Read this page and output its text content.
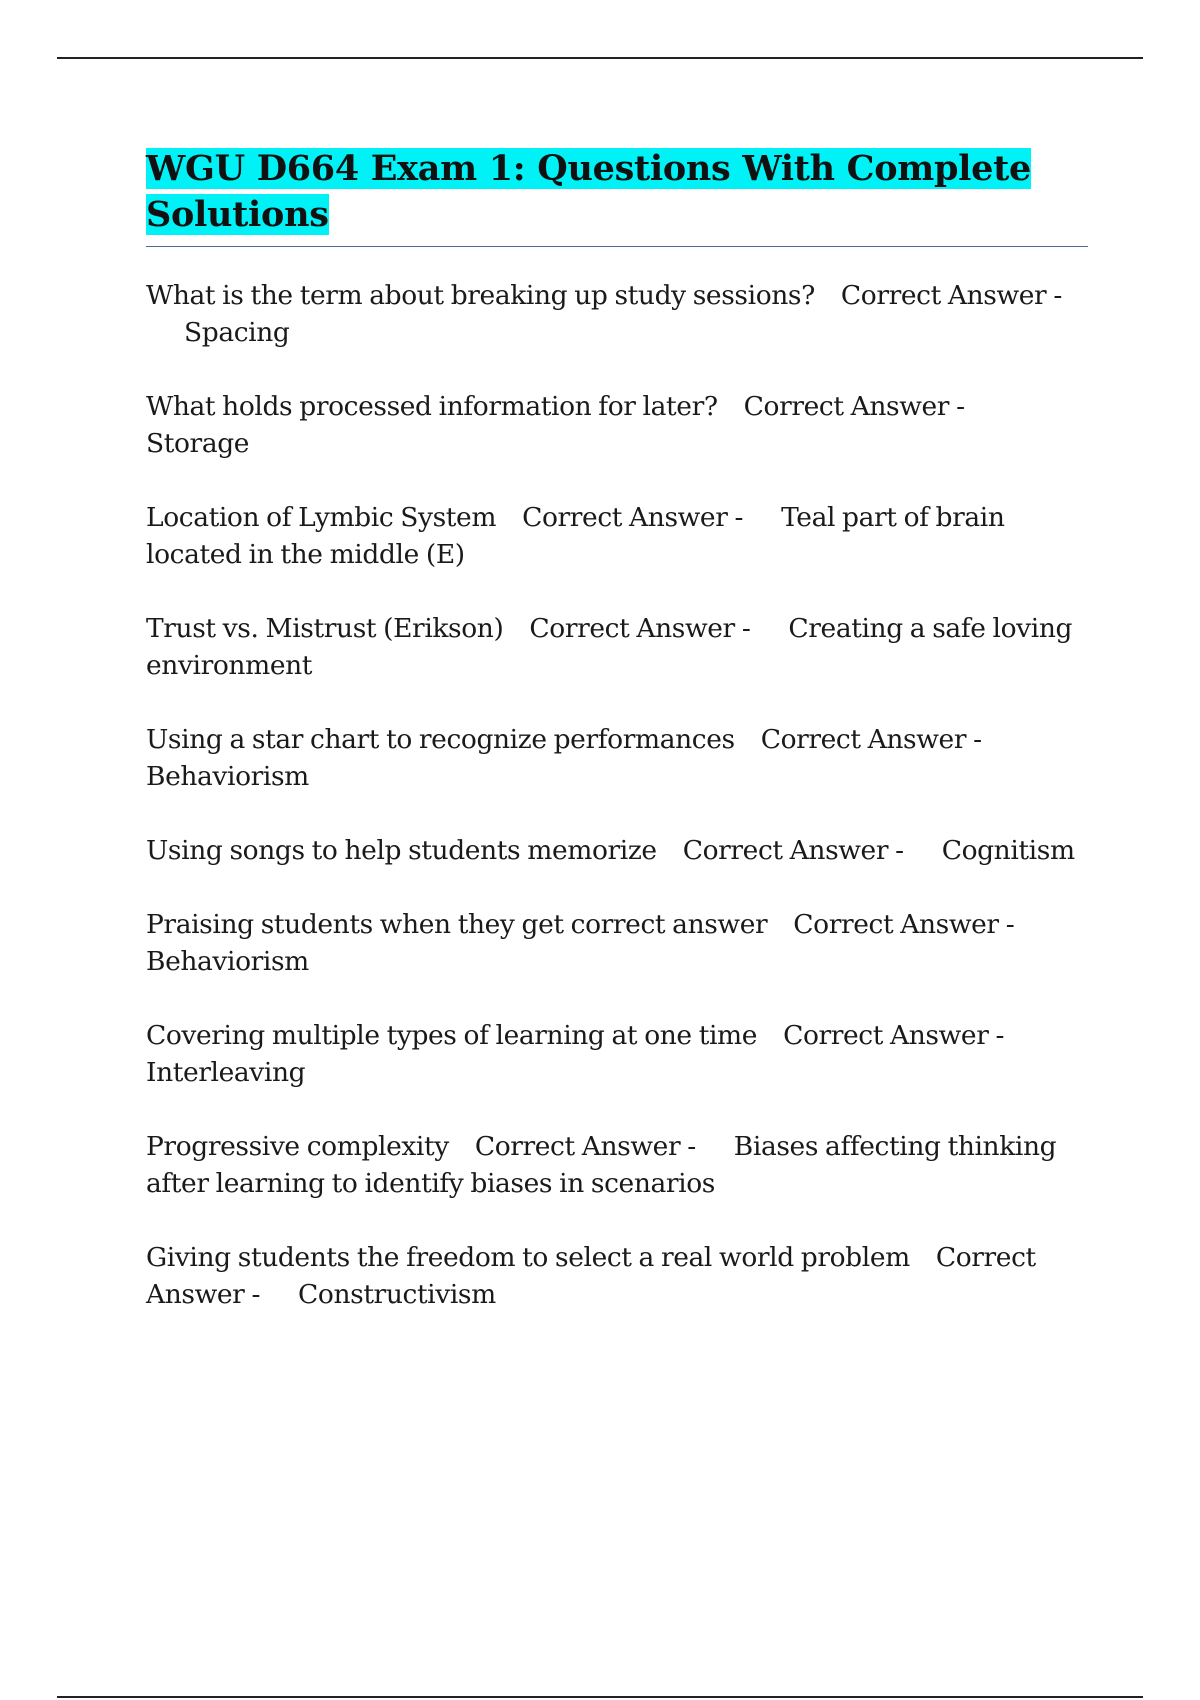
WGU D664 Exam 1: Questions With Complete Solutions

What is the term about breaking up study sessions? Correct Answer -Spacing

What holds processed information for later? Correct Answer -Storage

Location of Lymbic System Correct Answer - Teal part of brain located in the middle (E)

Trust vs. Mistrust (Erikson) Correct Answer - Creating a safe loving environment

Using a star chart to recognize performances Correct Answer -Behaviorism

Using songs to help students memorize Correct Answer - Cognitism

Praising students when they get correct answer Correct Answer -Behaviorism

Covering multiple types of learning at one time Correct Answer -Interleaving

Progressive complexity Correct Answer - Biases affecting thinking after learning to identify biases in scenarios

Giving students the freedom to select a real world problem Correct Answer - Constructivism
